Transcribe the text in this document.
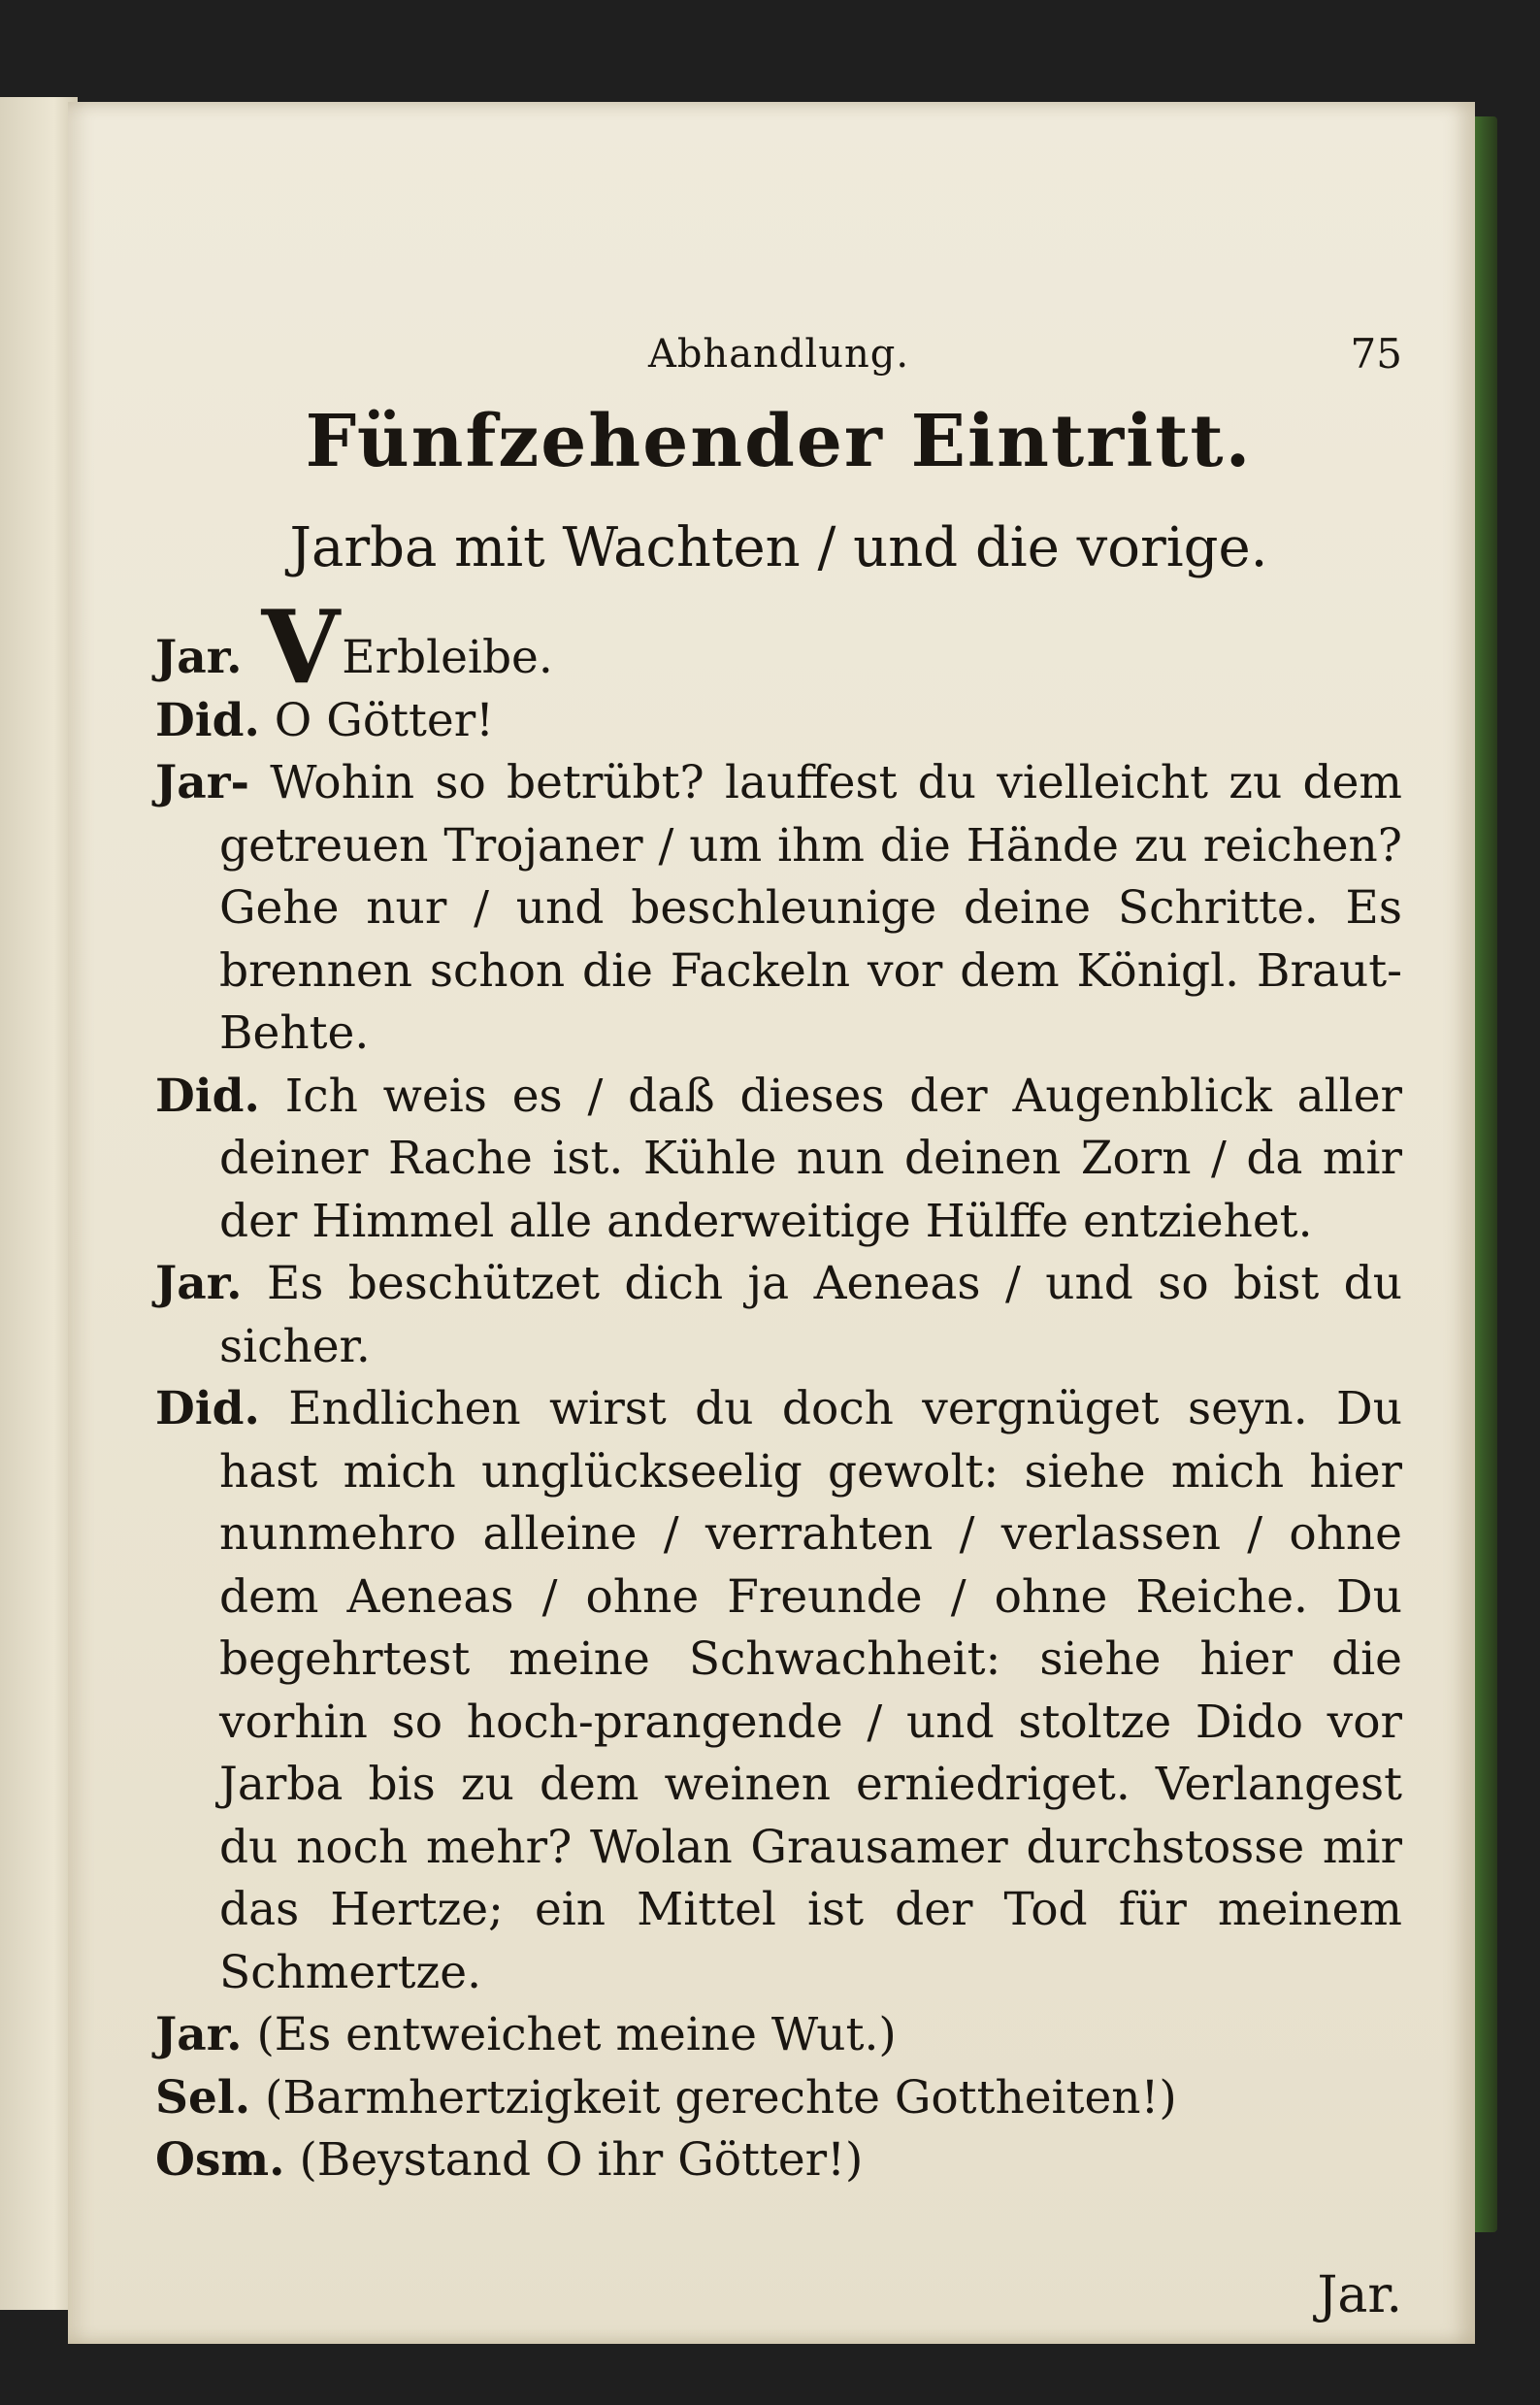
Abhandlung.	75
Fünfzehender Eintritt.
Jarba mit Wachten / und die vorige.

Jar. VErbleibe.

Did. O Götter!

Jar- Wohin so betrübt? lauffest du vielleicht zu dem getreuen Trojaner / um ihm die Hände zu reichen? Gehe nur / und beschleunige deine Schritte. Es brennen schon die Fackeln vor dem Königl. Braut-Behte.

Did. Ich weis es / daß dieses der Augenblick aller deiner Rache ist. Kühle nun deinen Zorn / da mir der Himmel alle anderweitige Hülffe entziehet.

Jar. Es beschützet dich ja Aeneas / und so bist du sicher.

Did. Endlichen wirst du doch vergnüget seyn. Du hast mich unglückseelig gewolt: siehe mich hier nunmehro alleine / verrahten / verlassen / ohne dem Aeneas / ohne Freunde / ohne Reiche. Du begehrtest meine Schwachheit: siehe hier die vorhin so hoch-prangende / und stoltze Dido vor Jarba bis zu dem weinen erniedriget. Verlangest du noch mehr? Wolan Grausamer durchstosse mir das Hertze; ein Mittel ist der Tod für meinem Schmertze.

Jar. (Es entweichet meine Wut.)

Sel. (Barmhertzigkeit gerechte Gottheiten!)

Osm. (Beystand O ihr Götter!)

Jar.
